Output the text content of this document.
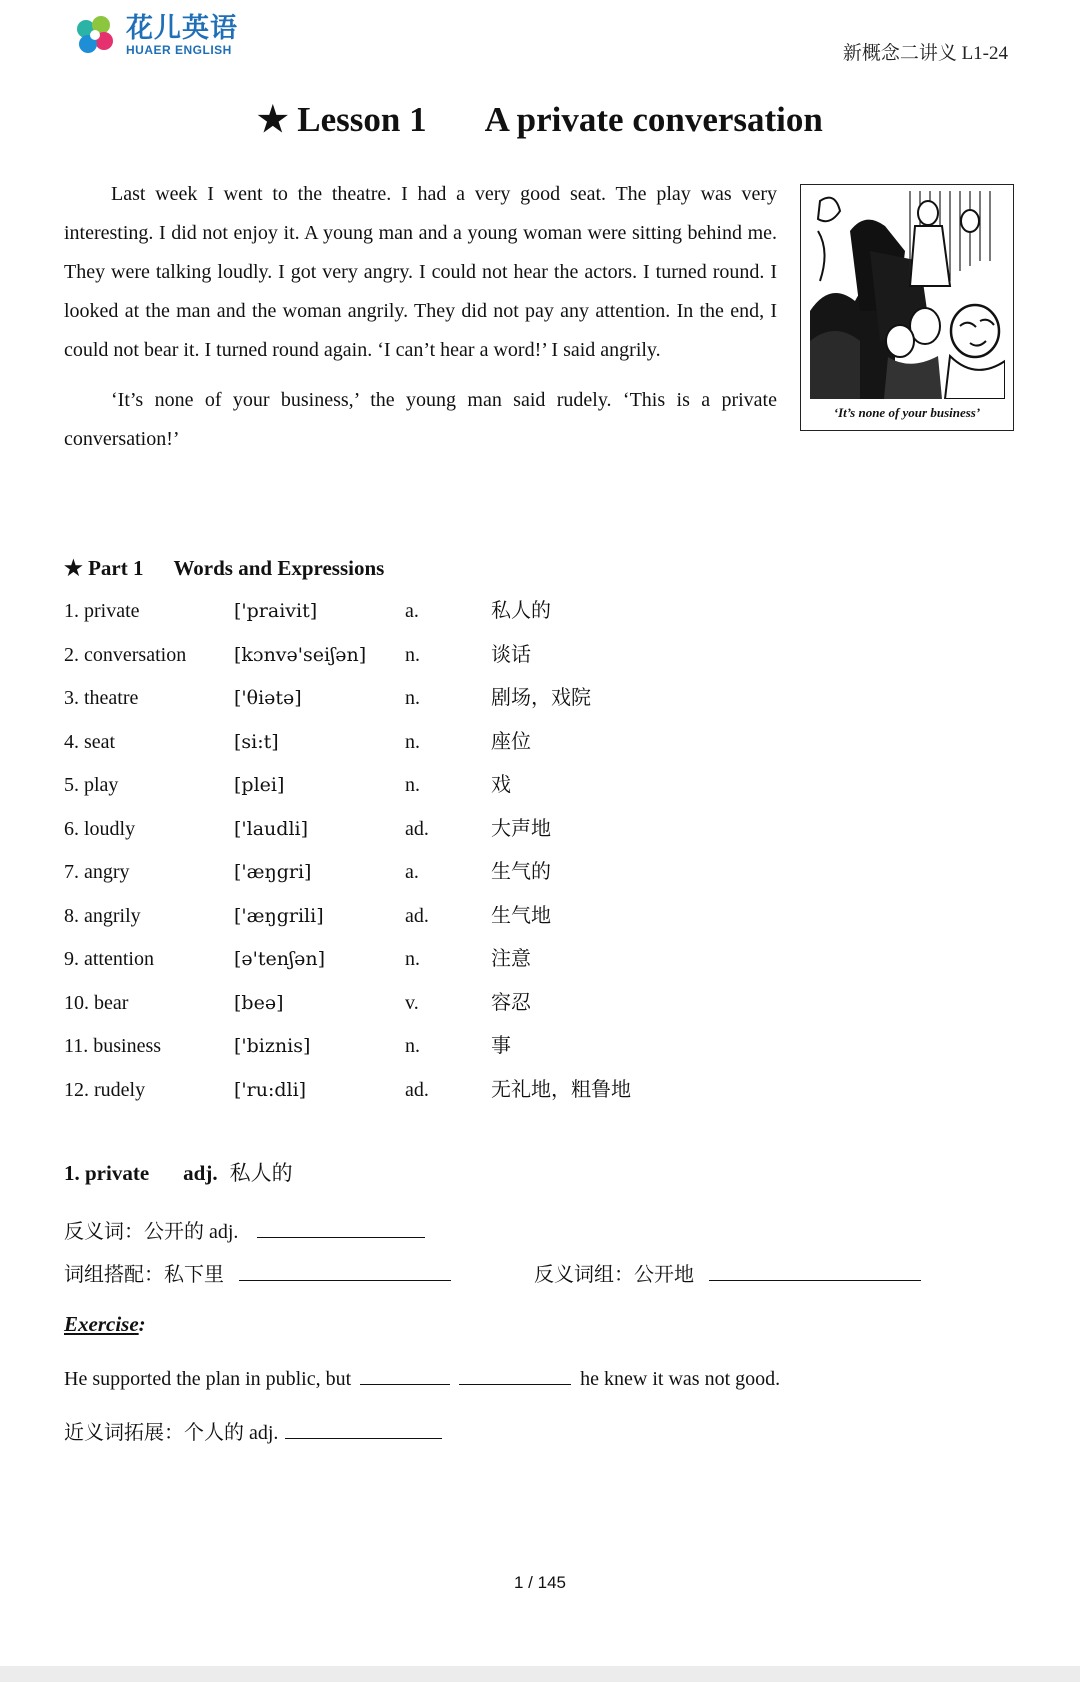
花儿英语
HUAER ENGLISH	新概念二讲义 L1-24
★ Lesson 1 A private conversation

Last week I went to the theatre. I had a very good seat. The play was very interesting. I did not enjoy it. A young man and a young woman were sitting behind me. They were talking loudly. I got very angry. I could not hear the actors. I turned round. I looked at the man and the woman angrily. They did not pay any attention. In the end, I could not bear it. I turned round again. ‘I can’t hear a word!’ I said angrily.

‘It’s none of your business,’ the young man said rudely. ‘This is a private conversation!’

‘It’s none of your business’
★ Part 1 Words and Expressions
1. private	['praivit]	a.	私人的
2. conversation	[kɔnvə'seiʃən] n.	谈话
3. theatre	['θiətə]	n.	剧场，戏院
4. seat	[si:t]	n.	座位
5. play	[plei]	n.	戏
6. loudly	['laudli]	ad.	大声地
7. angry	['æŋgri]	a.	生气的
8. angrily	['æŋgrili]	ad.	生气地
9. attention	[ə'tenʃən]	n.	注意
10. bear	[beə]	v.	容忍
11. business	['biznis]	n.	事
12. rudely	['ru:dli]	ad.	无礼地，粗鲁地
1. private adj. 私人的
反义词：公开的 adj.
词组搭配：私下里	反义词组：公开地
Exercise:
He supported the plan in public, but	he knew it was not good.
近义词拓展：个人的 adj.
1 / 145
